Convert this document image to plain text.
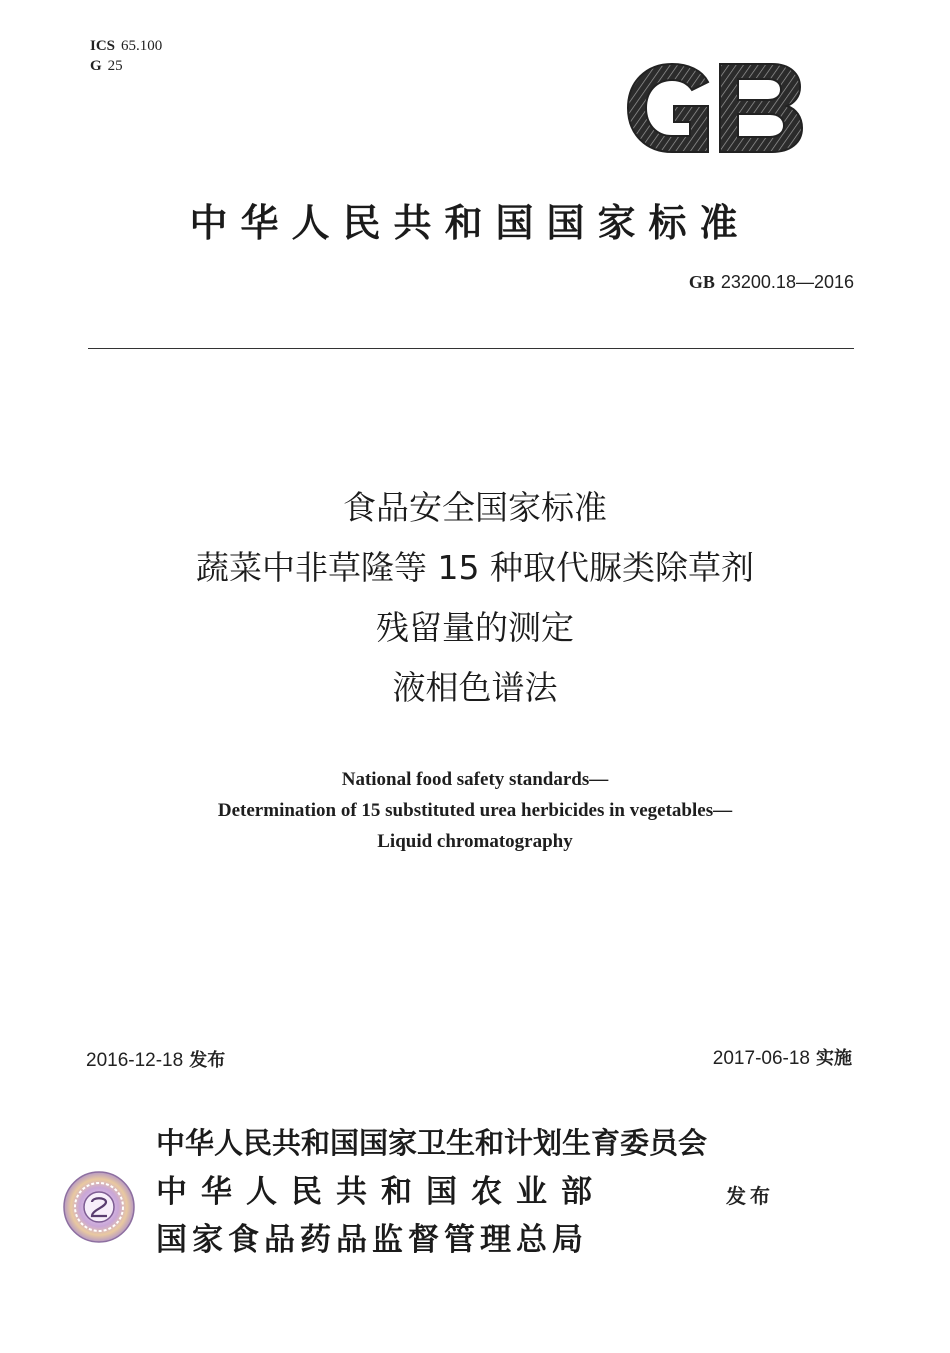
ICS 65.100
G 25
中华人民共和国国家标准
GB 23200.18—2016
食品安全国家标准
蔬菜中非草隆等 15 种取代脲类除草剂
残留量的测定
液相色谱法
National food safety standards—
Determination of 15 substituted urea herbicides in vegetables—
Liquid chromatography
2016-12-18 发布	2017-06-18 实施
中华人民共和国国家卫生和计划生育委员会
中华人民共和国农业部
国家食品药品监督管理总局
发布
